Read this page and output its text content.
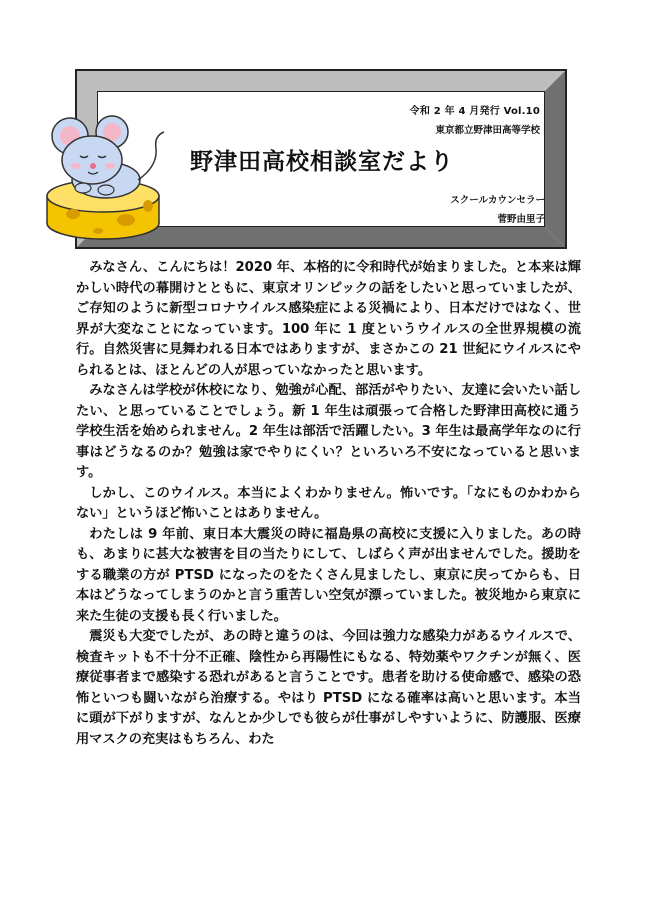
令和 2 年 4 月発行 Vol.10
東京都立野津田高等学校
野津田高校相談室だより
スクールカウンセラー
菅野由里子

みなさん、こんにちは！2020 年、本格的に令和時代が始まりました。と本来は輝かしい時代の幕開けとともに、東京オリンピックの話をしたいと思っていましたが、ご存知のように新型コロナウイルス感染症による災禍により、日本だけではなく、世界が大変なことになっています。100 年に 1 度というウイルスの全世界規模の流行。自然災害に見舞われる日本ではありますが、まさかこの 21 世紀にウイルスにやられるとは、ほとんどの人が思っていなかったと思います。

みなさんは学校が休校になり、勉強が心配、部活がやりたい、友達に会いたい話したい、と思っていることでしょう。新 1 年生は頑張って合格した野津田高校に通う学校生活を始められません。2 年生は部活で活躍したい。3 年生は最高学年なのに行事はどうなるのか？勉強は家でやりにくい？といろいろ不安になっていると思います。

しかし、このウイルス。本当によくわかりません。怖いです。「なにものかわからない」というほど怖いことはありません。

わたしは 9 年前、東日本大震災の時に福島県の高校に支援に入りました。あの時も、あまりに甚大な被害を目の当たりにして、しばらく声が出ませんでした。援助をする職業の方が PTSD になったのをたくさん見ましたし、東京に戻ってからも、日本はどうなってしまうのかと言う重苦しい空気が漂っていました。被災地から東京に来た生徒の支援も長く行いました。

震災も大変でしたが、あの時と違うのは、今回は強力な感染力があるウイルスで、検査キットも不十分不正確、陰性から再陽性にもなる、特効薬やワクチンが無く、医療従事者まで感染する恐れがあると言うことです。患者を助ける使命感で、感染の恐怖といつも闘いながら治療する。やはり PTSD になる確率は高いと思います。本当に頭が下がりますが、なんとか少しでも彼らが仕事がしやすいように、防護服、医療用マスクの充実はもちろん、わた
